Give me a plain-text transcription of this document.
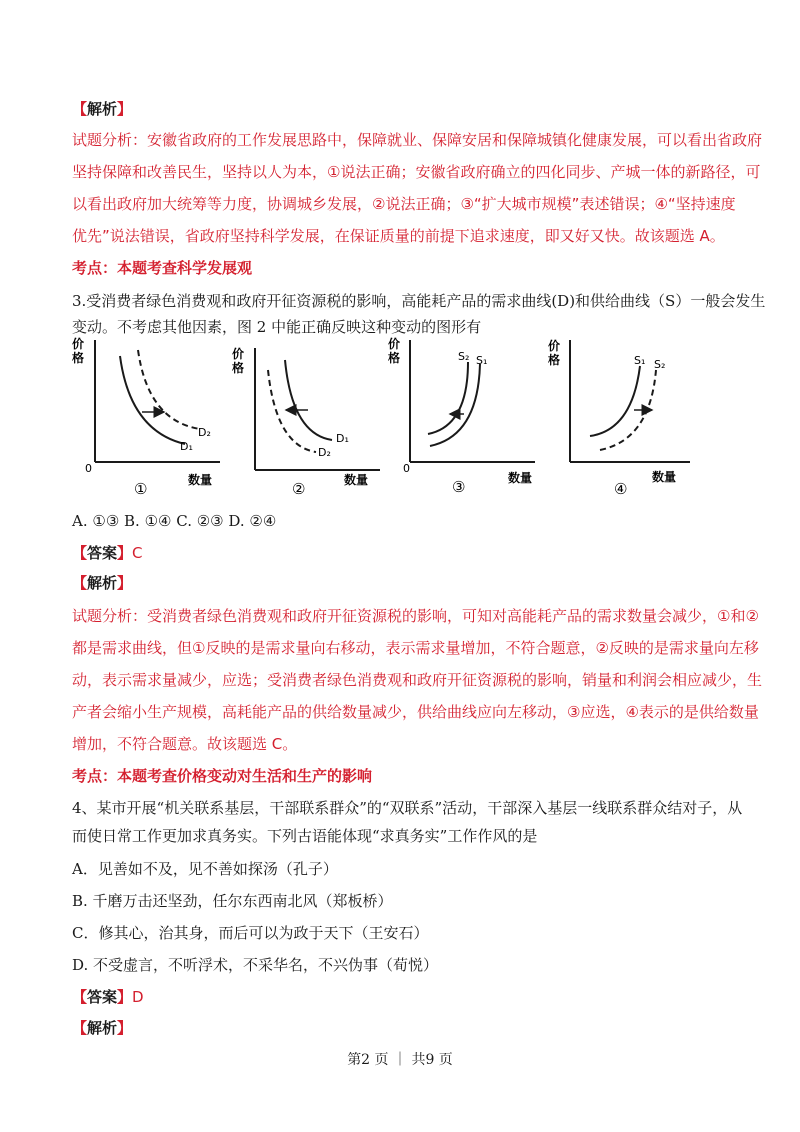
【解析】
试题分析：安徽省政府的工作发展思路中，保障就业、保障安居和保障城镇化健康发展，可以看出省政府
坚持保障和改善民生，坚持以人为本，①说法正确；安徽省政府确立的四化同步、产城一体的新路径，可
以看出政府加大统筹等力度，协调城乡发展，②说法正确；③“扩大城市规模”表述错误；④“坚持速度
优先”说法错误，省政府坚持科学发展，在保证质量的前提下追求速度，即又好又快。故该题选 A。
考点：本题考查科学发展观
3.受消费者绿色消费观和政府开征资源税的影响，高能耗产品的需求曲线(D)和供给曲线（S）一般会发生
变动。不考虑其他因素，图 2 中能正确反映这种变动的图形有
价
格
0
数量
D₂
D₁
①
价
格
数量
D₁
D₂
②
价
格
0
数量
S₂ S₁
③
价
格
数量
S₁ S₂
④
A. ①③ B. ①④ C. ②③ D. ②④
【答案】C
【解析】
试题分析：受消费者绿色消费观和政府开征资源税的影响，可知对高能耗产品的需求数量会减少，①和②
都是需求曲线，但①反映的是需求量向右移动，表示需求量增加，不符合题意，②反映的是需求量向左移
动，表示需求量减少，应选；受消费者绿色消费观和政府开征资源税的影响，销量和利润会相应减少，生
产者会缩小生产规模，高耗能产品的供给数量减少，供给曲线应向左移动，③应选，④表示的是供给数量
增加，不符合题意。故该题选 C。
考点：本题考查价格变动对生活和生产的影响
4、某市开展“机关联系基层，干部联系群众”的“双联系”活动，干部深入基层一线联系群众结对子，从
而使日常工作更加求真务实。下列古语能体现“求真务实”工作作风的是
A．见善如不及，见不善如探汤（孔子）
B. 千磨万击还坚劲，任尔东西南北风（郑板桥）
C．修其心，治其身，而后可以为政于天下（王安石）
D. 不受虚言，不听浮术，不采华名，不兴伪事（荀悦）
【答案】D
【解析】
第2 页 ｜ 共9 页
